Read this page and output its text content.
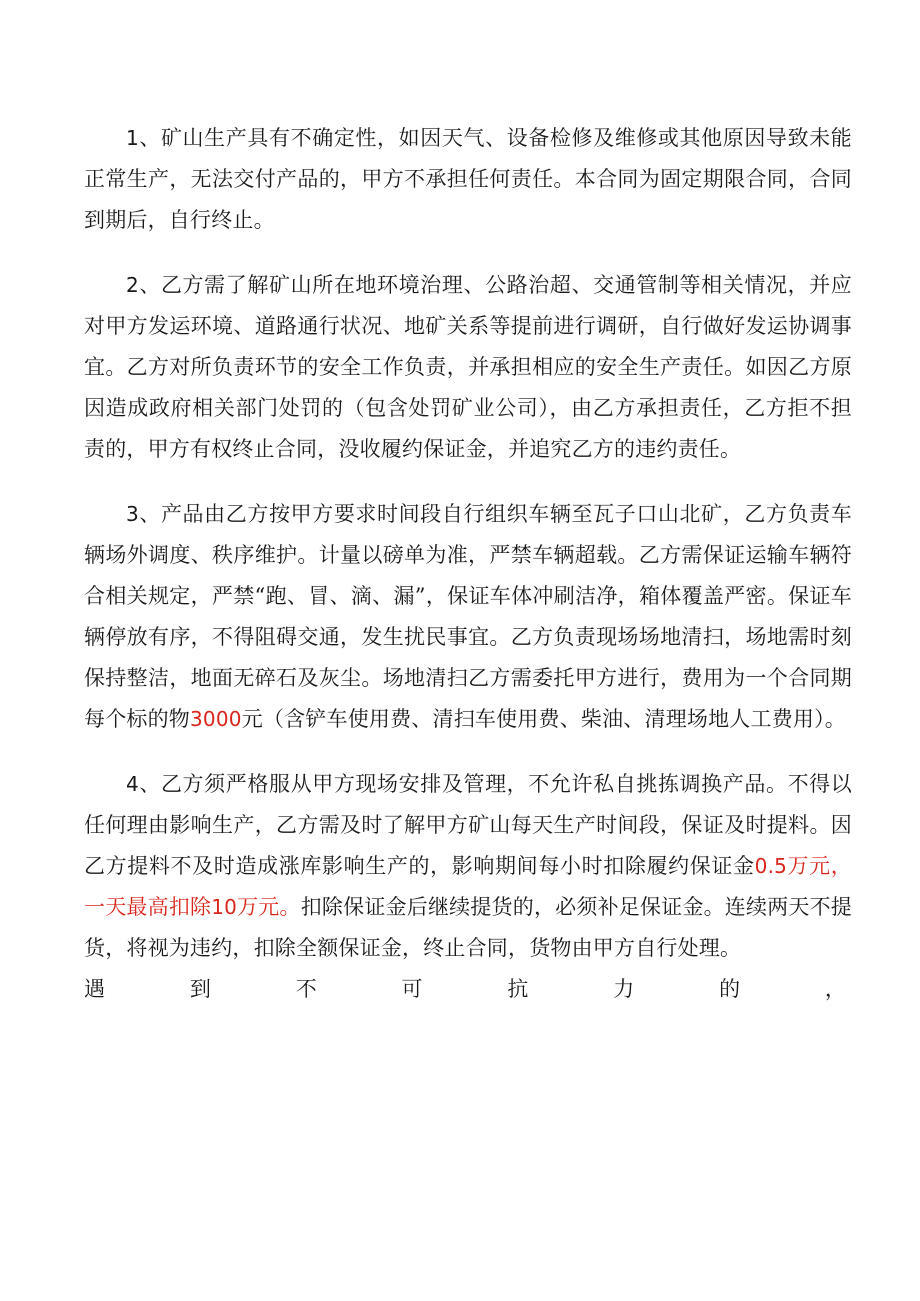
1、矿山生产具有不确定性，如因天气、设备检修及维修或其他原因导致未能正常生产，无法交付产品的，甲方不承担任何责任。本合同为固定期限合同，合同到期后，自行终止。

2、乙方需了解矿山所在地环境治理、公路治超、交通管制等相关情况，并应对甲方发运环境、道路通行状况、地矿关系等提前进行调研，自行做好发运协调事宜。乙方对所负责环节的安全工作负责，并承担相应的安全生产责任。如因乙方原因造成政府相关部门处罚的（包含处罚矿业公司），由乙方承担责任，乙方拒不担责的，甲方有权终止合同，没收履约保证金，并追究乙方的违约责任。

3、产品由乙方按甲方要求时间段自行组织车辆至瓦子口山北矿，乙方负责车辆场外调度、秩序维护。计量以磅单为准，严禁车辆超载。乙方需保证运输车辆符合相关规定，严禁“跑、冒、滴、漏”，保证车体冲刷洁净，箱体覆盖严密。保证车辆停放有序，不得阻碍交通，发生扰民事宜。乙方负责现场场地清扫，场地需时刻保持整洁，地面无碎石及灰尘。场地清扫乙方需委托甲方进行，费用为一个合同期每个标的物3000元（含铲车使用费、清扫车使用费、柴油、清理场地人工费用）。

4、乙方须严格服从甲方现场安排及管理，不允许私自挑拣调换产品。不得以任何理由影响生产，乙方需及时了解甲方矿山每天生产时间段，保证及时提料。因乙方提料不及时造成涨库影响生产的，影响期间每小时扣除履约保证金0.5万元，一天最高扣除10万元。扣除保证金后继续提货的，必须补足保证金。连续两天不提货，将视为违约，扣除全额保证金，终止合同，货物由甲方自行处理。

遇	到	不	可	抗	力	的	，
